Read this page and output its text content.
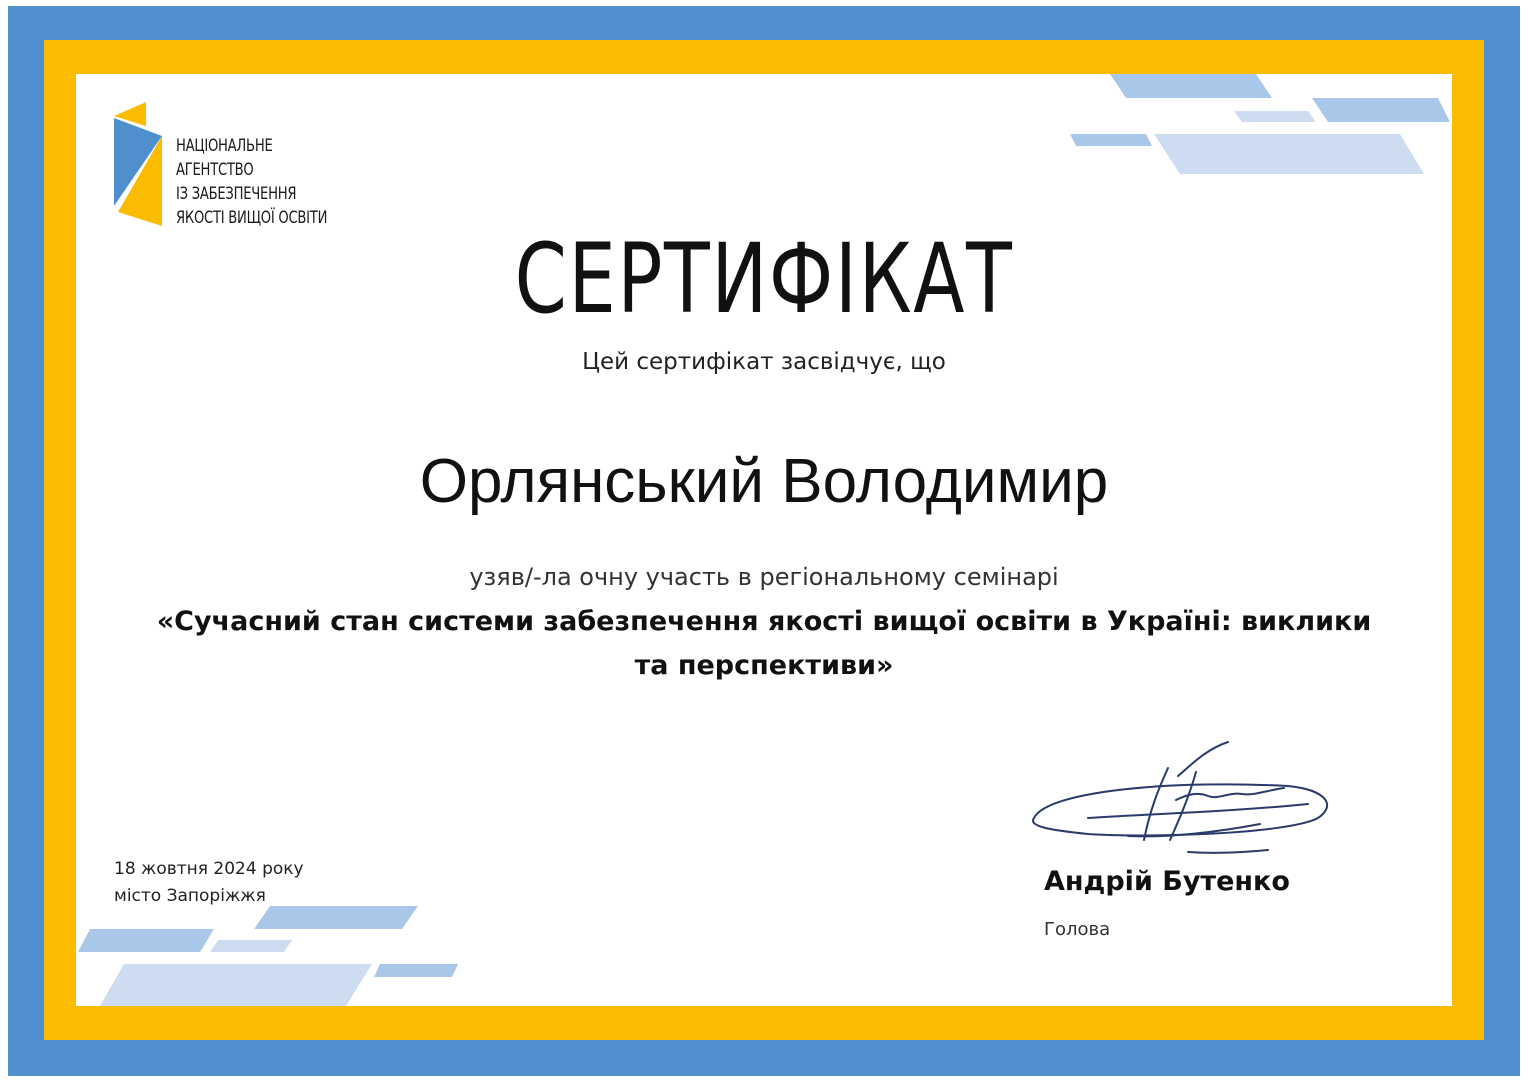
НАЦІОНАЛЬНЕ
АГЕНТСТВО
ІЗ ЗАБЕЗПЕЧЕННЯ
ЯКОСТІ ВИЩОЇ ОСВІТИ

СЕРТИФІКАТ

Цей сертифікат засвідчує, що

Орлянський Володимир

узяв/-ла очну участь в регіональному семінарі

«Сучасний стан системи забезпечення якості вищої освіти в Україні: виклики та перспективи»

18 жовтня 2024 року
місто Запоріжжя	Андрій Бутенко

Голова
